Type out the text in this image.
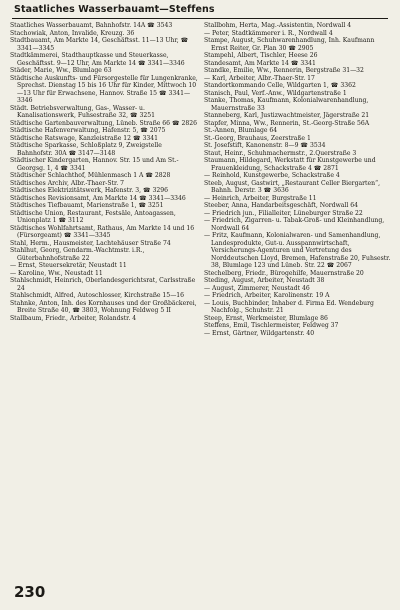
Staatliches Wasserbauamt—Steffens
Staatliches Wasserbauamt, Bahnhofstr. 14A ☎ 3543
Stachowiak, Anton, Invalide, Kreuzg. 36
Stadtbauamt, Am Markte 14, Geschäftsst. 11—13 Uhr, ☎ 3341—3345
Stadtkämmerei, Stadthauptkasse und Steuerkasse, Geschäftsst. 9—12 Uhr, Am Markte 14 ☎ 3341—3346
Städer, Marie, Ww., Blumlage 63
Städtische Auskunfts- und Fürsorgestelle für Lungenkranke, Sprechst. Dienstag 15 bis 16 Uhr für Kinder, Mittwoch 10—13 Uhr für Erwachsene, Hannov. Straße 15 ☎ 3341—3346
Städt. Betriebsverwaltung, Gas-, Wasser- u. Kanalisationswerk, Fuhsestraße 32, ☎ 3251
Städtische Gartenbauverwaltung, Lüneb. Straße 66 ☎ 2826
Städtische Hafenverwaltung, Hafenstr. 5, ☎ 2075
Städtische Ratswage, Kanzleistraße 12 ☎ 3341
Städtische Sparkasse, Schloßplatz 9, Zweigstelle Bahnhofstr. 30A ☎ 3147—3148
Städtischer Kindergarten, Hannov. Str. 15 und Am St.-Georgsg. 1, 4 ☎ 3341
Städtischer Schlachthof, Mühlenmasch 1 A ☎ 2828
Städtisches Archiv, Albr.-Thaer-Str. 7
Städtisches Elektrizitätswerk, Hafenstr. 3, ☎ 3296
Städtisches Revisionsamt, Am Markte 14 ☎ 3341—3346
Städtisches Tiefbauamt, Marienstraße 1, ☎ 3251
Städtische Union, Restaurant, Festsäle, Antoagassen, Unionplatz 1 ☎ 3112
Städtisches Wohlfahrtsamt, Rathaus, Am Markte 14 und 16 (Fürsorgeamt) ☎ 3341—3345
Stahl, Herm., Hausmeister, Lachtehäuser Straße 74
Stahlhut, Georg, Gendarm.-Wachtmstr. i.R., Güterbahnhofstraße 22
— Ernst, Steuersekretär, Neustadt 11
— Karoline, Ww., Neustadt 11
Stahlschmidt, Heinrich, Oberlandesgerichtsrat, Carlsstraße 24
Stahlschmidt, Alfred, Autoschlosser, Kirchstraße 15—16
Stahnke, Anton, Inh. des Kornhauses und der Großbäckerei, Breite Straße 40, ☎ 3803, Wohnung Feldweg 5 II
Stallbaum, Friedr., Arbeiter, Rolandstr. 4
Stallbohm, Herta, Mag.-Assistentin, Nordwall 4
— Peter, Stadtkämmerer i. R., Nordwall 4
Stampe, August, Schuhwarenhandlung, Inh. Kaufmann Ernst Reiter, Gr. Plan 30 ☎ 2905
Stampehl, Albert, Tischler, Heese 26
Standesamt, Am Markte 14 ☎ 3341
Standke, Emilie, Ww., Rennerin, Bergstraße 31—32
— Karl, Arbeiter, Albr.-Thaer-Str. 17
Standortkommando Celle, Wildgarten 1, ☎ 3362
Stanisch, Paul, Verf.-Anw., Wildgartenstraße 1
Stanke, Thomas, Kaufmann, Kolonialwarenhandlung, Mauernstraße 33
Stanneberg, Karl, Justizwachtmeister, Jägerstraße 21
Stapfer, Minna, Ww., Rennerin, St.-Georg-Straße 56A
St.-Annen, Blumlage 64
St.-Georg, Brauhaus, Zeerstraße 1
St. Josefstift, Kanonenstr. 8—9 ☎ 3534
Staut, Heinr., Schuhmachermstr., 2.Querstraße 3
Staumann, Hildegard, Werkstatt für Kunstgewerbe und Frauenkleidung, Schackstraße 4 ☎ 2871
— Reinhold, Kunstgewerbe, Schackstraße 4
Steeb, August, Gastwirt, „Restaurant Celler Biergarten“, Bahnh. Derstr. 3 ☎ 3636
— Heinrich, Arbeiter, Burgstraße 11
Steeber, Anna, Handarbeitsgeschäft, Nordwall 64
— Friedrich jun., Filialleiter, Lüneburger Straße 22
— Friedrich, Zigarren- u. Tabak-Groß- und Kleinhandlung, Nordwall 64
— Fritz, Kaufmann, Kolonialwaren- und Samenhandlung, Landesprodukte, Gut-u. Ausspannwirtschaft, Versicherungs-Agenturen und Vertretung des Norddeutschen Lloyd, Bremen, Hafenstraße 20, Fuhsestr. 38, Blumlage 123 und Lüneb. Str. 22 ☎ 2067
Stechelberg, Friedr., Bürogehilfe, Mauernstraße 20
Steding, August, Arbeiter, Neustadt 38
— August, Zimmerer, Neustadt 46
— Friedrich, Arbeiter, Karolinenstr. 19 A
— Louis, Buchbinder, Inhaber d. Firma Ed. Wendeburg Nachfolg., Schuhstr. 21
Steep, Ernst, Werkmeister, Blumlage 86
Steffens, Emil, Tischlermeister, Feldweg 37
— Ernst, Gärtner, Wildgartenstr. 40
230
